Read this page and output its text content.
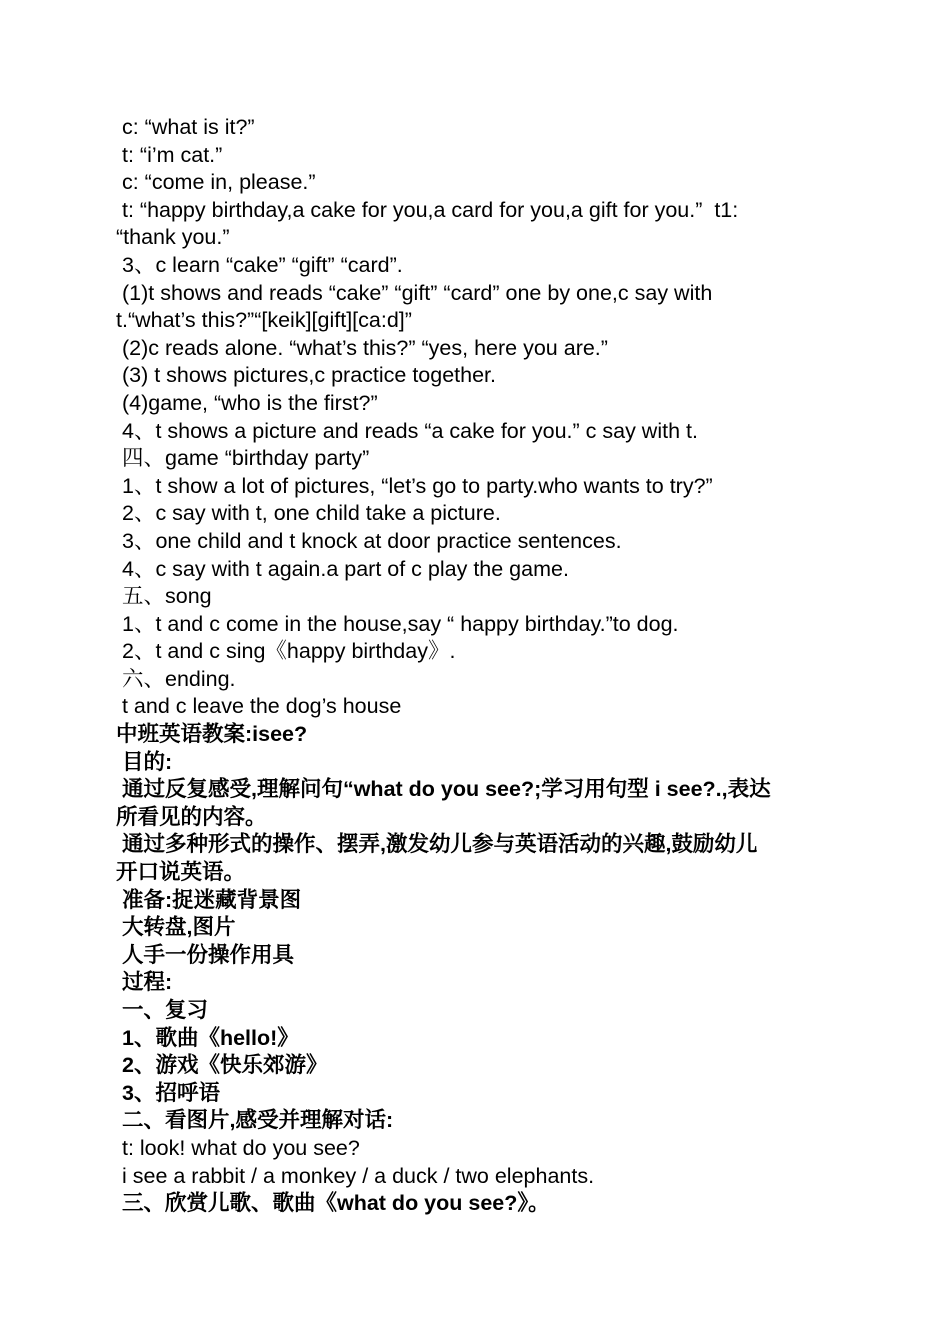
c: “what is it?”
t: “i’m cat.”
c: “come in, please.”
t: “happy birthday,a cake for you,a card for you,a gift for you.”  t1:
“thank you.”
3、c learn “cake” “gift” “card”.
(1)t shows and reads “cake” “gift” “card” one by one,c say with
t.“what’s this?”“[keik][gift][ca:d]”
(2)c reads alone. “what’s this?” “yes, here you are.”
(3) t shows pictures,c practice together.
(4)game, “who is the first?”
4、t shows a picture and reads “a cake for you.” c say with t.
四、game “birthday party”
1、t show a lot of pictures, “let’s go to party.who wants to try?”
2、c say with t, one child take a picture.
3、one child and t knock at door practice sentences.
4、c say with t again.a part of c play the game.
五、song
1、t and c come in the house,say “ happy birthday.”to dog.
2、t and c sing《happy birthday》.
六、ending.
t and c leave the dog’s house
中班英语教案:isee?
目的:
通过反复感受,理解问句“what do you see?;学习用句型 i see?.,表达
所看见的内容。
通过多种形式的操作、摆弄,激发幼儿参与英语活动的兴趣,鼓励幼儿
开口说英语。
准备:捉迷藏背景图
大转盘,图片
人手一份操作用具
过程:
一、复习
1、歌曲《hello!》
2、游戏《快乐郊游》
3、招呼语
二、看图片,感受并理解对话:
t: look! what do you see?
i see a rabbit / a monkey / a duck / two elephants.
三、欣赏儿歌、歌曲《what do you see?》。
